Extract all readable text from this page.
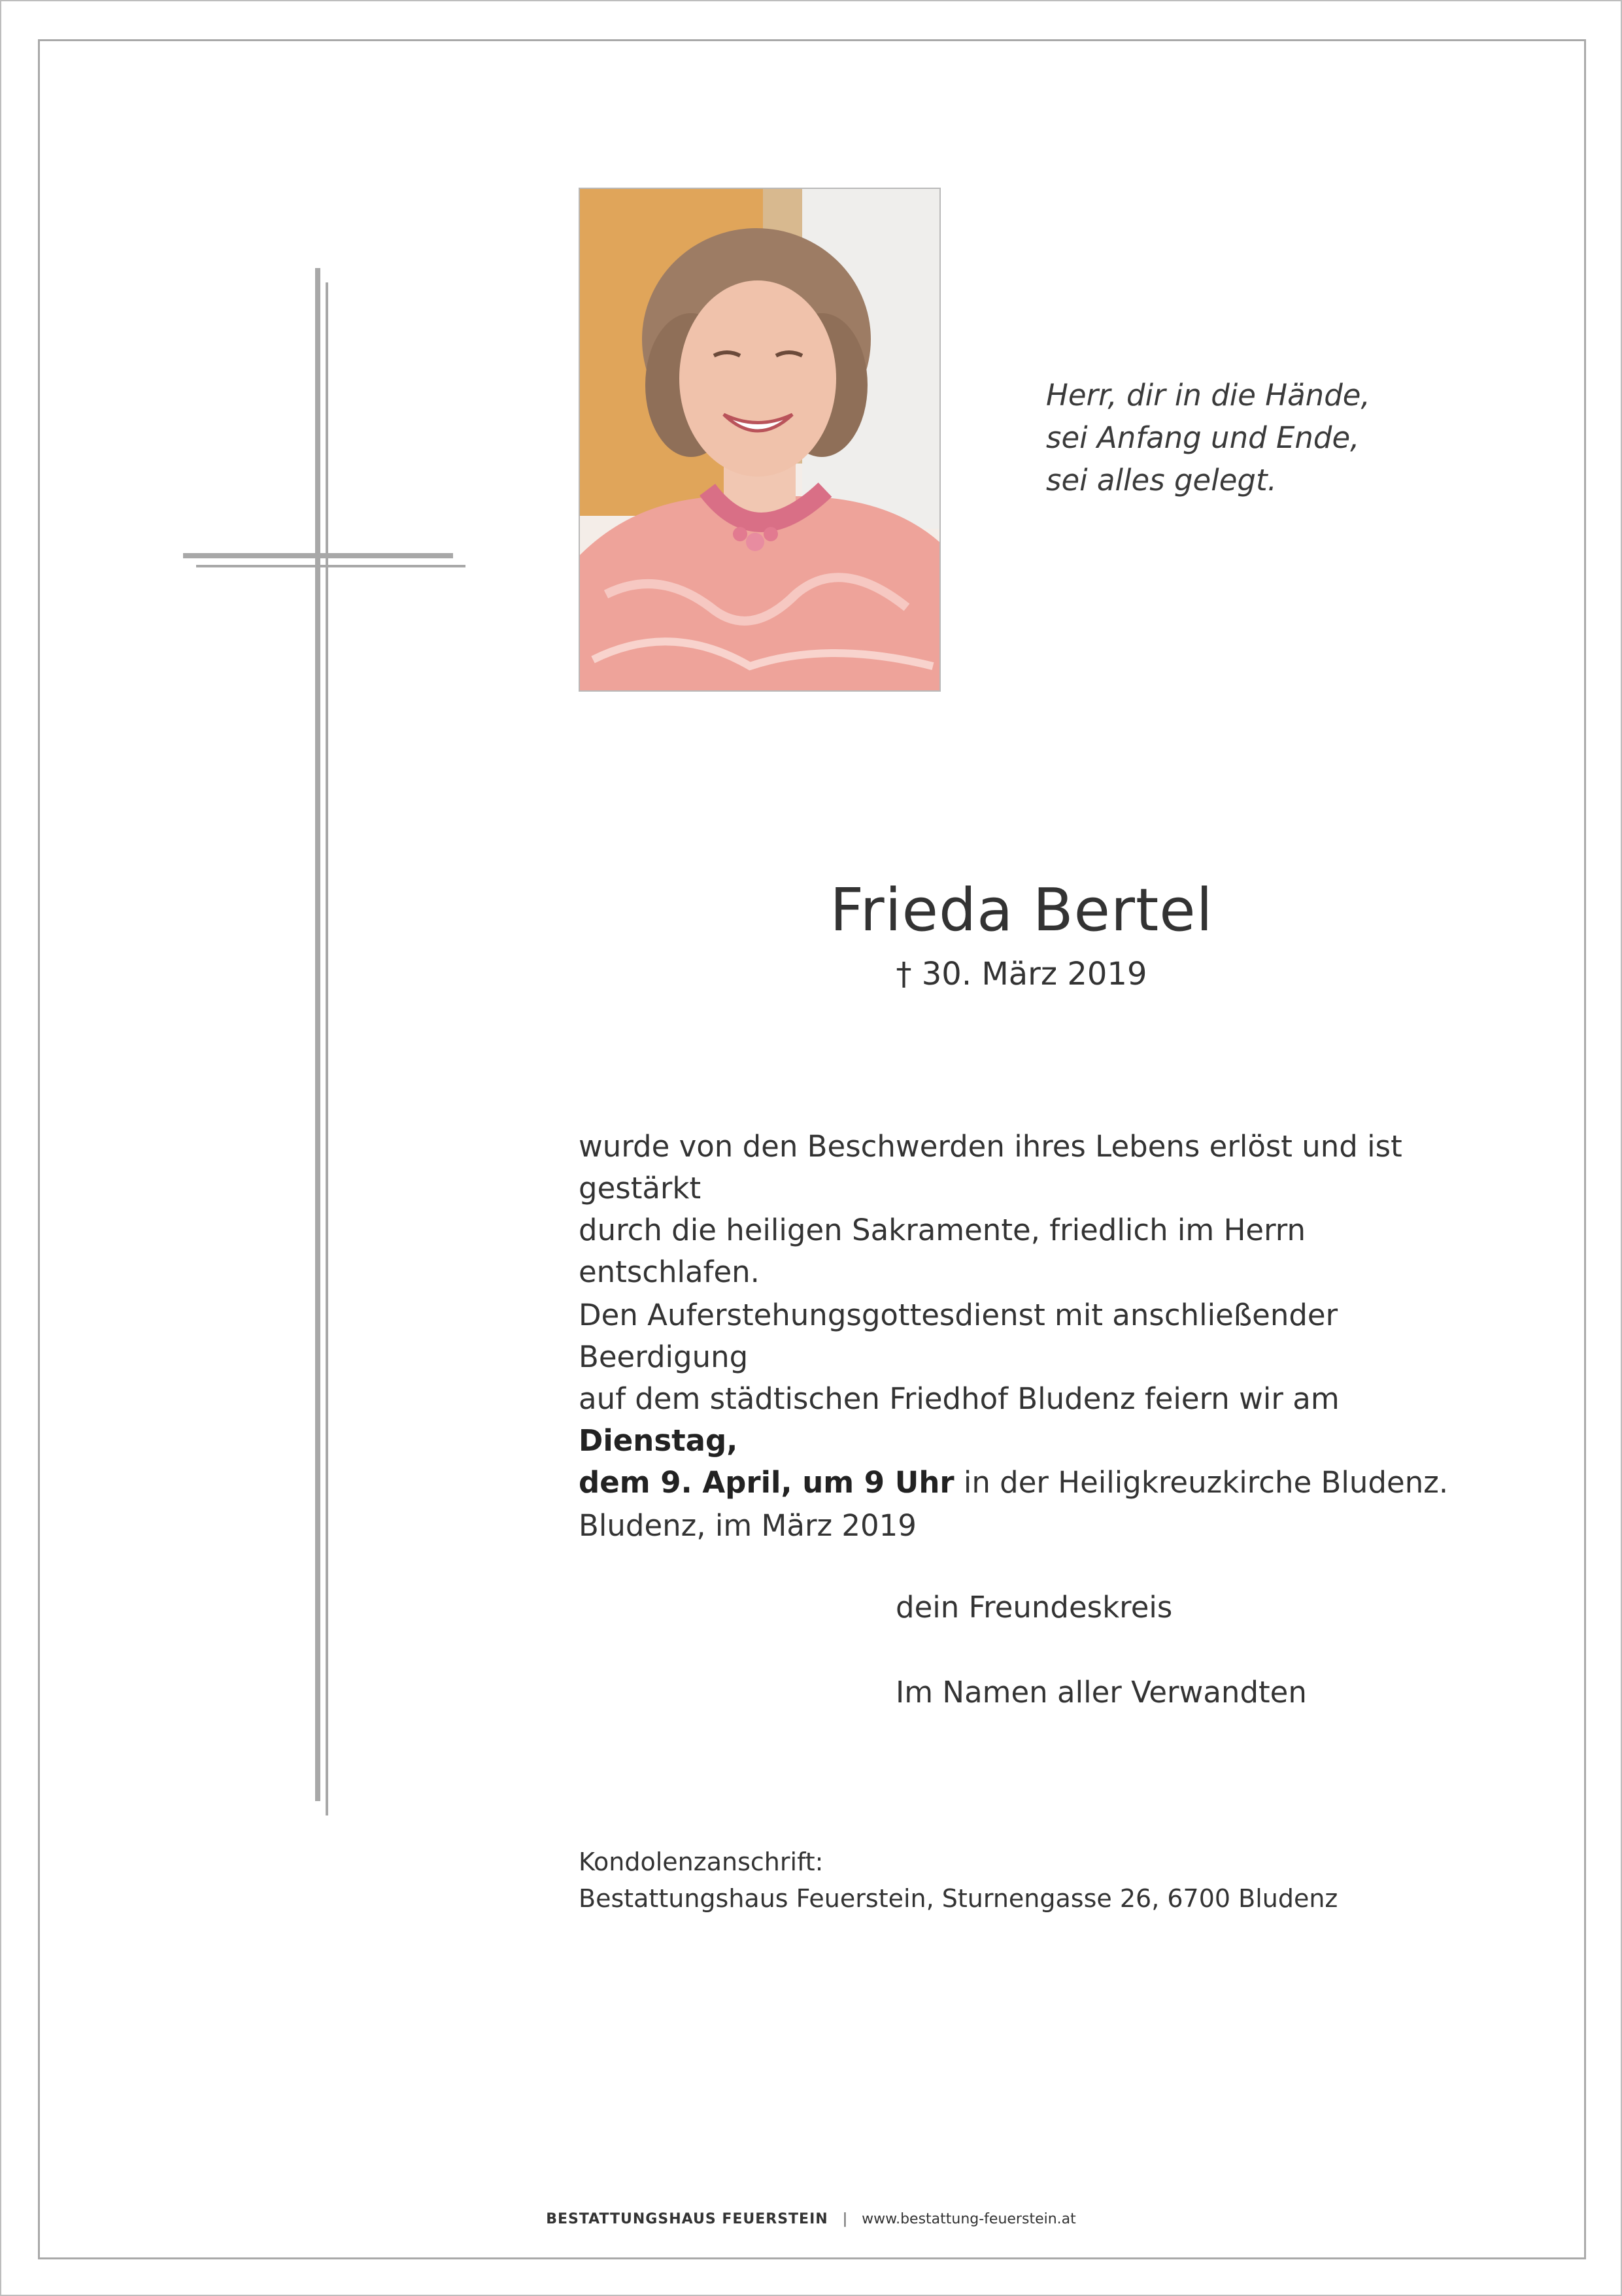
Herr, dir in die Hände,
sei Anfang und Ende,
sei alles gelegt.
Frieda Bertel
† 30. März 2019
wurde von den Beschwerden ihres Lebens erlöst und ist gestärkt
durch die heiligen Sakramente, friedlich im Herrn entschlafen.
Den Auferstehungsgottesdienst mit anschließender Beerdigung
auf dem städtischen Friedhof Bludenz feiern wir am Dienstag,
dem 9. April, um 9 Uhr in der Heiligkreuzkirche Bludenz.
Bludenz, im März 2019
dein Freundeskreis
Im Namen aller Verwandten
Kondolenzanschrift:
Bestattungshaus Feuerstein, Sturnengasse 26, 6700 Bludenz
BESTATTUNGSHAUS FEUERSTEIN | www.bestattung-feuerstein.at
